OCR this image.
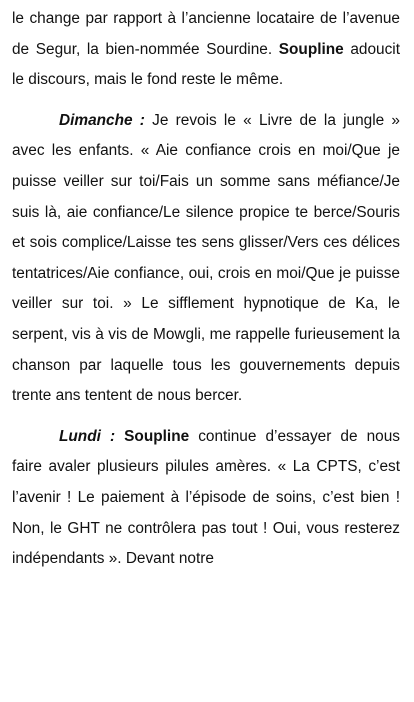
le change par rapport à l’ancienne locataire de l’avenue de Segur, la bien-nommée Sourdine. Soupline adoucit le discours, mais le fond reste le même.

Dimanche : Je revois le « Livre de la jungle » avec les enfants. « Aie confiance crois en moi/Que je puisse veiller sur toi/Fais un somme sans méfiance/Je suis là, aie confiance/Le silence propice te berce/Souris et sois complice/Laisse tes sens glisser/Vers ces délices tentatrices/Aie confiance, oui, crois en moi/Que je puisse veiller sur toi. » Le sifflement hypnotique de Ka, le serpent, vis à vis de Mowgli, me rappelle furieusement la chanson par laquelle tous les gouvernements depuis trente ans tentent de nous bercer.

Lundi : Soupline continue d’essayer de nous faire avaler plusieurs pilules amères. « La CPTS, c’est l’avenir ! Le paiement à l’épisode de soins, c’est bien ! Non, le GHT ne contrôlera pas tout ! Oui, vous resterez indépendants ». Devant notre
